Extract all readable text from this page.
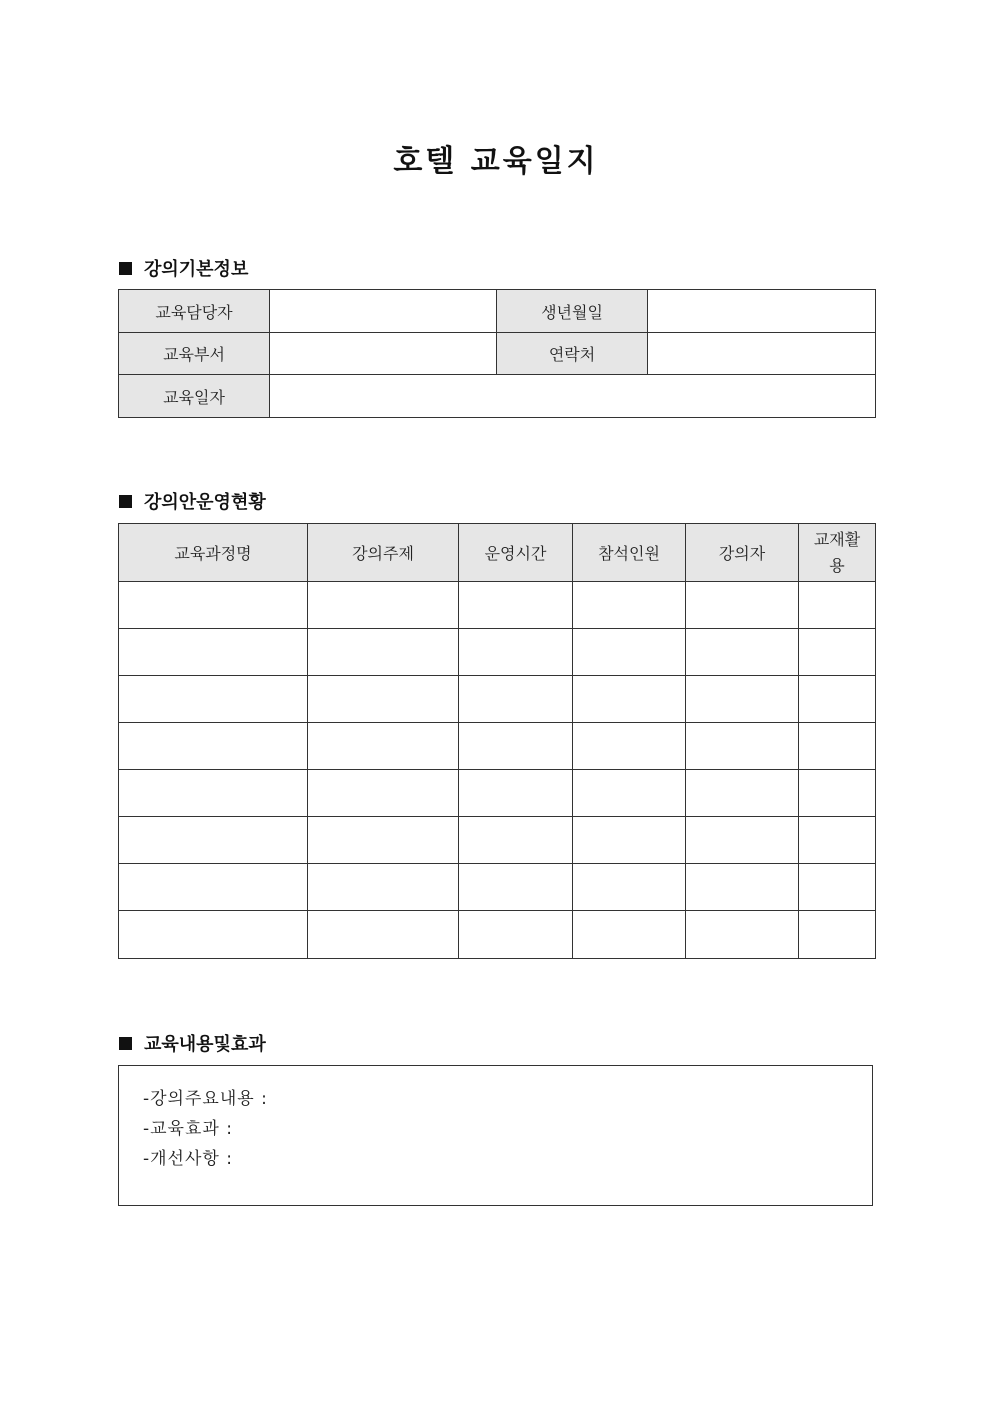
호텔 교육일지
강의기본정보
교육담당자		생년월일	
교육부서		연락처	
교육일자			
강의안운영현황
교육과정명	강의주제	운영시간	참석인원	강의자	교재활
용

교육내용및효과
-강의주요내용 :
-교육효과 :
-개선사항 :
